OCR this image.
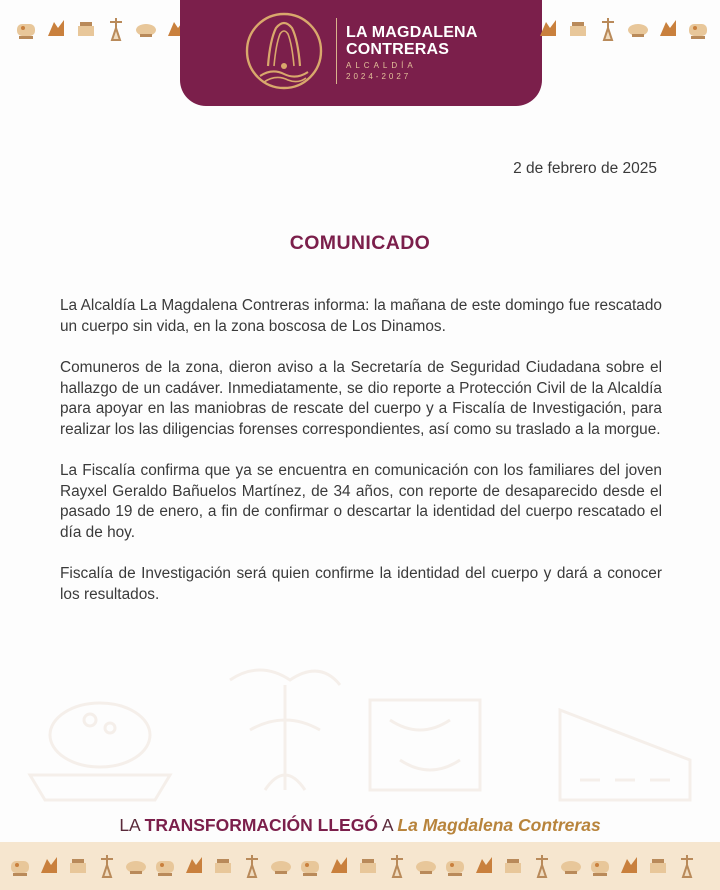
LA MAGDALENA
CONTRERAS
ALCALDÍA
2024-2027
2 de febrero de 2025
COMUNICADO

La Alcaldía La Magdalena Contreras informa: la mañana de este domingo fue rescatado un cuerpo sin vida, en la zona boscosa de Los Dinamos.

Comuneros de la zona, dieron aviso a la Secretaría de Seguridad Ciudadana sobre el hallazgo de un cadáver. Inmediatamente, se dio reporte a Protección Civil de la Alcaldía para apoyar en las maniobras de rescate del cuerpo y a Fiscalía de Investigación, para realizar los las diligencias forenses correspondientes, así como su traslado a la morgue.

La Fiscalía confirma que ya se encuentra en comunicación con los familiares del joven Rayxel Geraldo Bañuelos Martínez, de 34 años, con reporte de desaparecido desde el pasado 19 de enero, a fin de confirmar o descartar la identidad del cuerpo rescatado el día de hoy.

Fiscalía de Investigación será quien confirme la identidad del cuerpo y dará a conocer los resultados.

LA TRANSFORMACIÓN LLEGÓ A La Magdalena Contreras
